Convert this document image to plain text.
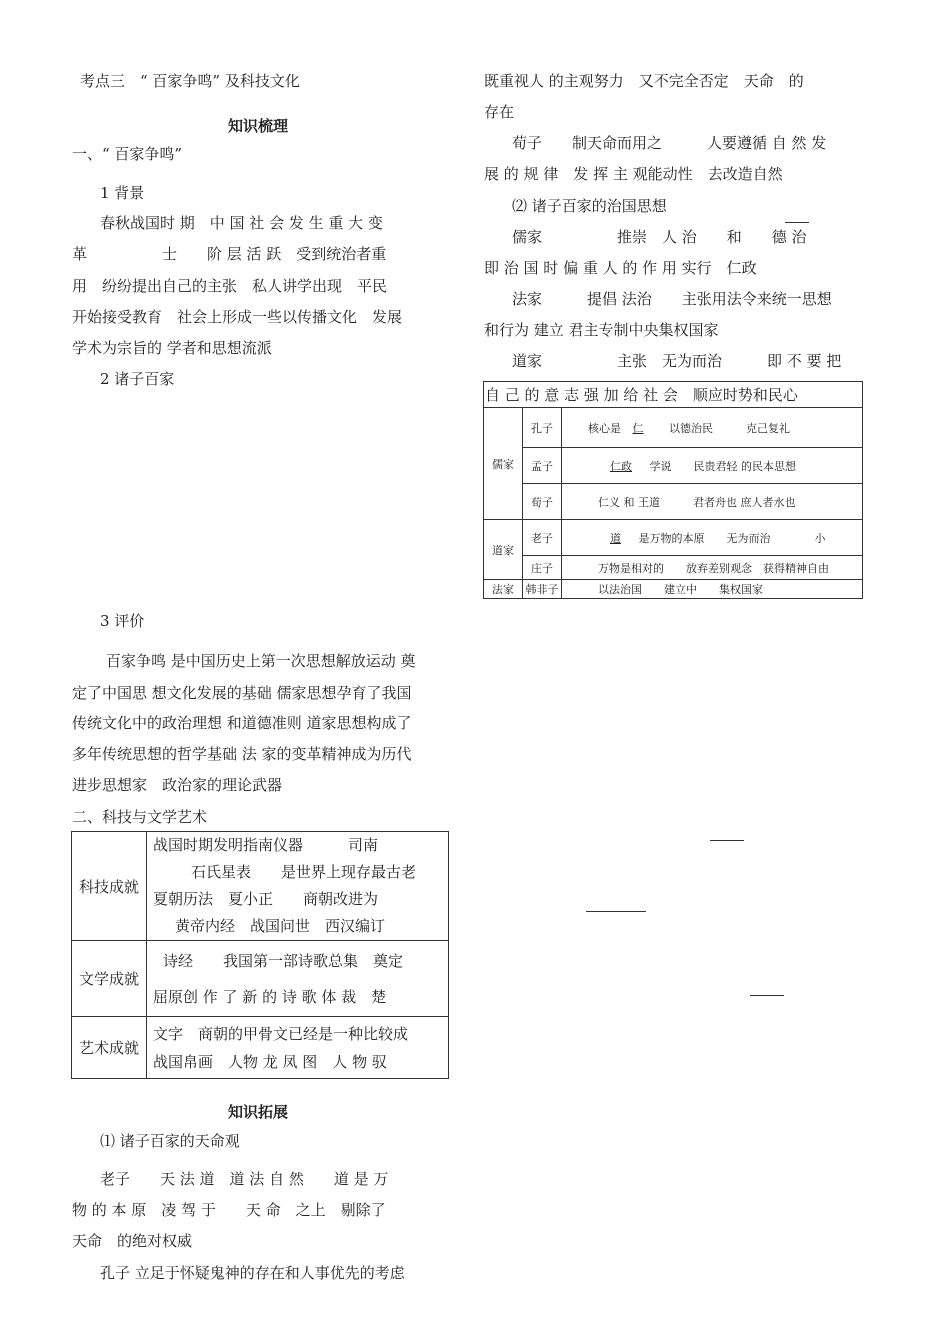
考点三　“ 百家争鸣” 及科技文化
知识梳理
一、“ 百家争鸣”
1 背景
春秋战国时 期　中 国 社 会 发 生 重 大 变
革　　　　　士　　阶 层 活 跃　受到统治者重
用　纷纷提出自己的主张　私人讲学出现　平民
开始接受教育　社会上形成一些以传播文化　发展
学术为宗旨的 学者和思想流派
2 诸子百家
3 评价
百家争鸣 是中国历史上第一次思想解放运动 奠
定了中国思 想文化发展的基础 儒家思想孕育了我国
传统文化中的政治理想 和道德准则 道家思想构成了
多年传统思想的哲学基础 法 家的变革精神成为历代
进步思想家　政治家的理论武器
二、科技与文学艺术
科技成就	战国时期发明指南仪器　　　司南
石氏星表　　是世界上现存最古老
夏朝历法　夏小正　　商朝改进为
黄帝内经　战国问世　西汉编订

文学成就	诗经　　我国第一部诗歌总集　奠定
屈原创 作 了 新 的 诗 歌 体 裁　楚

艺术成就	文字　商朝的甲骨文已经是一种比较成
战国帛画　人物 龙 凤 图　人 物 驭
知识拓展
⑴ 诸子百家的天命观
老子　　天 法 道　道 法 自 然　　道 是 万
物 的 本 原　凌 驾 于　　天 命　之上　剔除了
天命　的绝对权威
孔子 立足于怀疑鬼神的存在和人事优先的考虑
既重视人 的主观努力　又不完全否定　天命　的
存在
荀子　　制天命而用之　　　人要遵循 自 然 发
展 的 规 律　发 挥 主 观能动性　去改造自然
⑵ 诸子百家的治国思想
儒家　　　　　推崇　人 治　　和　　德 治
即 治 国 时 偏 重 人 的 作 用 实行　仁政
法家　　　提倡 法治　　主张用法令来统一思想
和行为 建立 君主专制中央集权国家
道家　　　　　主张　无为而治　　　即 不 要 把
自 己 的 意 志 强 加 给 社 会　顺应时势和民心		
儒家	孔子	核心是 仁 以德治民　　　克己复礼
	孟子	仁政 学说　　民贵君轻 的民本思想
	荀子	仁义 和 王道　　　君者舟也 庶人者水也
道家	老子	道 是万物的本原　　无为而治　　　　小
	庄子	万物是相对的　　放弃差别观念　获得精神自由
法家	韩非子	以法治国　　建立中　　集权国家
